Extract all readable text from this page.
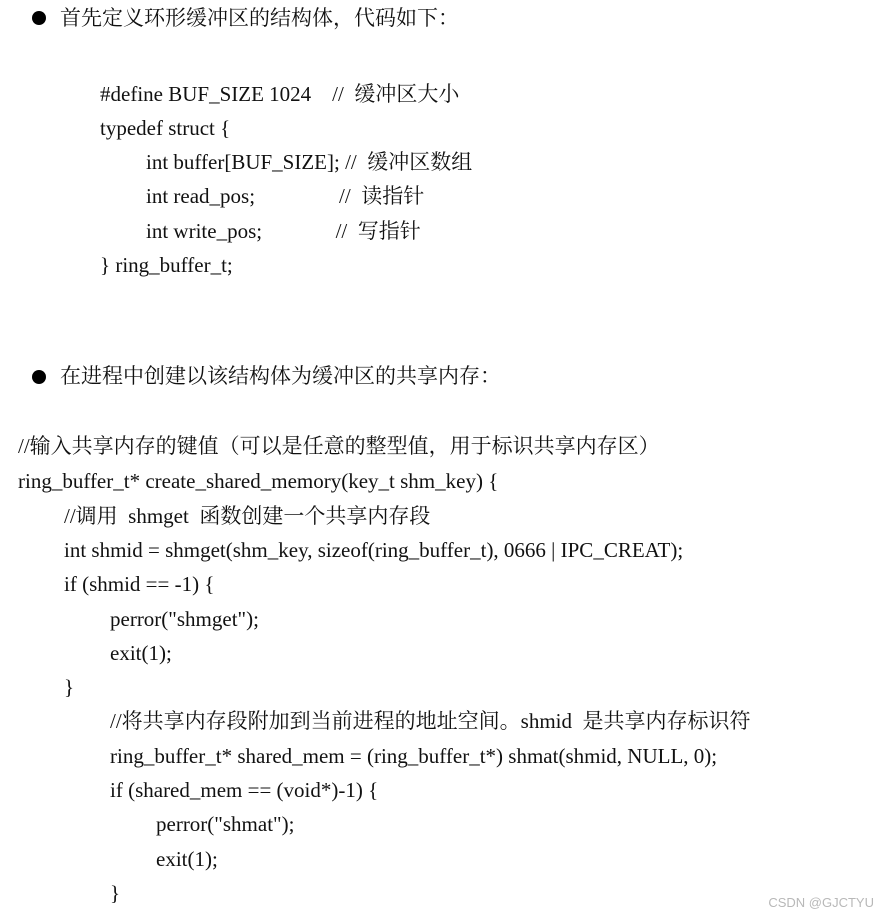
首先定义环形缓冲区的结构体，代码如下：
#define BUF_SIZE 1024    //  缓冲区大小
typedef struct {
int buffer[BUF_SIZE]; //  缓冲区数组
int read_pos;                //  读指针
int write_pos;              //  写指针
} ring_buffer_t;
在进程中创建以该结构体为缓冲区的共享内存：
//输入共享内存的键值（可以是任意的整型值，用于标识共享内存区）
ring_buffer_t* create_shared_memory(key_t shm_key) {
//调用  shmget  函数创建一个共享内存段
int shmid = shmget(shm_key, sizeof(ring_buffer_t), 0666 | IPC_CREAT);
if (shmid == -1) {
perror("shmget");
exit(1);
}
//将共享内存段附加到当前进程的地址空间。shmid  是共享内存标识符
ring_buffer_t* shared_mem = (ring_buffer_t*) shmat(shmid, NULL, 0);
if (shared_mem == (void*)-1) {
perror("shmat");
exit(1);
}	CSDN @GJCTYU
